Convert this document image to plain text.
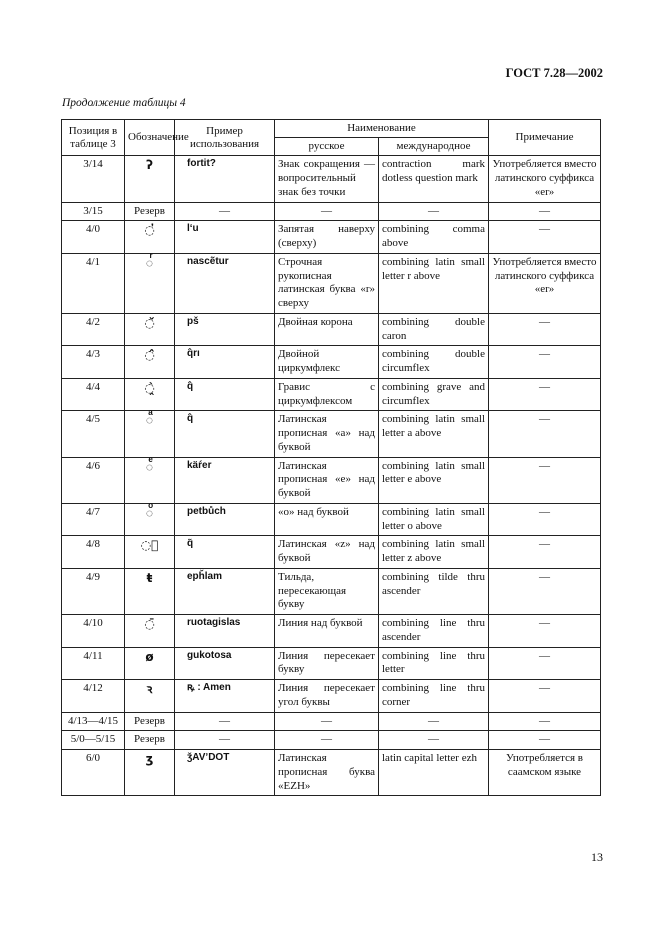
ГОСТ 7.28—2002
Продолжение таблицы 4
Позиция в таблице 3	Обозначение	Пример использования	Наименование		Примечание
			русское	международное	
3/14	ʔ	fortit?	Знак сокращения — вопросительный знак без точки	contraction mark dotless question mark	Употребляется вместо латинского суффикса «er»
3/15	Резерв	—	—	—	—
4/0	◌̓	lʻu	Запятая наверху (сверху)	combining comma above	—
4/1	◌ͬ	nascẽtur	Строчная рукописная латинская буква «r» сверху	combining latin small letter r above	Употребляется вместо латинского суффикса «er»
4/2	◌̌̌	pš	Двойная корона	combining double caron	—
4/3	◌̂̂	q̂rı	Двойной циркумфлекс	combining double circumflex	—
4/4	◌̭̀	q̂	Гравис с циркумфлексом	combining grave and circumflex	—
4/5	◌ͣ	q̂	Латинская прописная «a» над буквой	combining latin small letter a above	—
4/6	◌ͤ	käŕer	Латинская прописная «e» над буквой	combining latin small letter e above	—
4/7	◌ͦ	petbůch	«o» над буквой	combining latin small letter o above	—
4/8	◌ᷦ	q̃	Латинская «z» над буквой	combining latin small letter z above	—
4/9	ŧ	epȟlam	Тильда, пересекающая букву	combining tilde thru ascender	—
4/10	◌̄	ruotagislas	Линия над буквой	combining line thru ascender	—
4/11	ø	gukotosa	Линия пересекает букву	combining line thru letter	—
4/12	ꝛ	ꝶ : Amen	Линия пересекает угол буквы	combining line thru corner	—
4/13—4/15	Резерв	—	—	—	—
5/0—5/15	Резерв	—	—	—	—
6/0	ʒ	ǯAVʼDOT	Латинская прописная буква «EZH»	latin capital letter ezh	Употребляется в саамском языке
13
